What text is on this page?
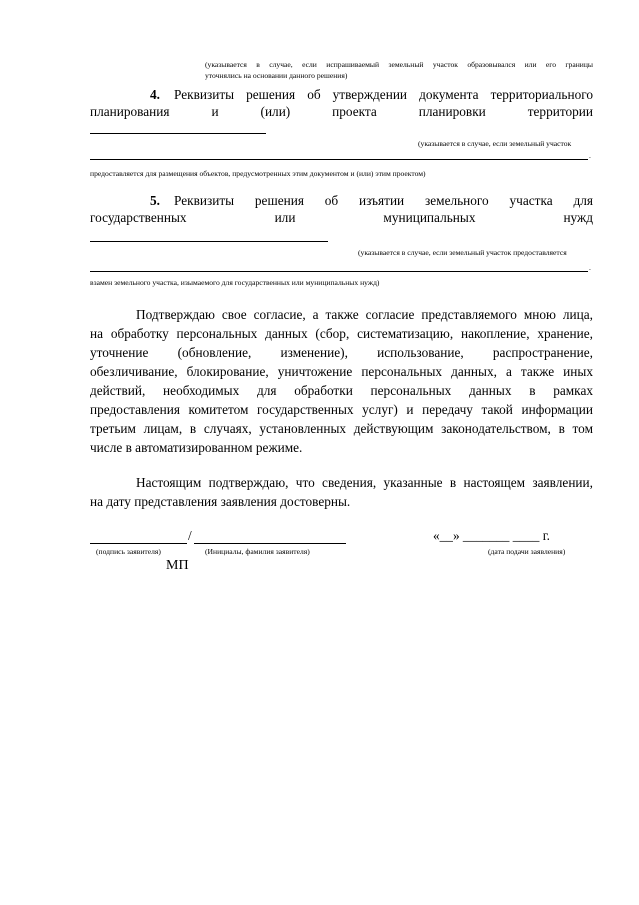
(указывается в случае, если испрашиваемый земельный участок образовывался или его границы
уточнялись на основании данного решения)
4. Реквизиты решения об утверждении документа территориального
планирования	и	(или)	проекта	планировки	территории
(указывается в случае, если земельный участок
.
предоставляется для размещения объектов, предусмотренных этим документом и (или) этим проектом)
5. Реквизиты решения об изъятии земельного участка для
государственных	или	муниципальных	нужд
(указывается в случае, если земельный участок предоставляется
.
взамен земельного участка, изымаемого для государственных или муниципальных нужд)
Подтверждаю свое согласие, а также согласие представляемого мною лица,
на обработку персональных данных (сбор, систематизацию, накопление, хранение,
уточнение (обновление, изменение), использование, распространение,
обезличивание, блокирование, уничтожение персональных данных, а также иных
действий, необходимых для обработки персональных данных в рамках
предоставления комитетом государственных услуг) и передачу такой информации
третьим лицам, в случаях, установленных действующим законодательством, в том
числе в автоматизированном режиме.
Настоящим подтверждаю, что сведения, указанные в настоящем заявлении,
на дату представления заявления достоверны.
/	«__» _______ ____ г.
(подпись заявителя)	(Инициалы, фамилия заявителя)	(дата подачи заявления)
МП
